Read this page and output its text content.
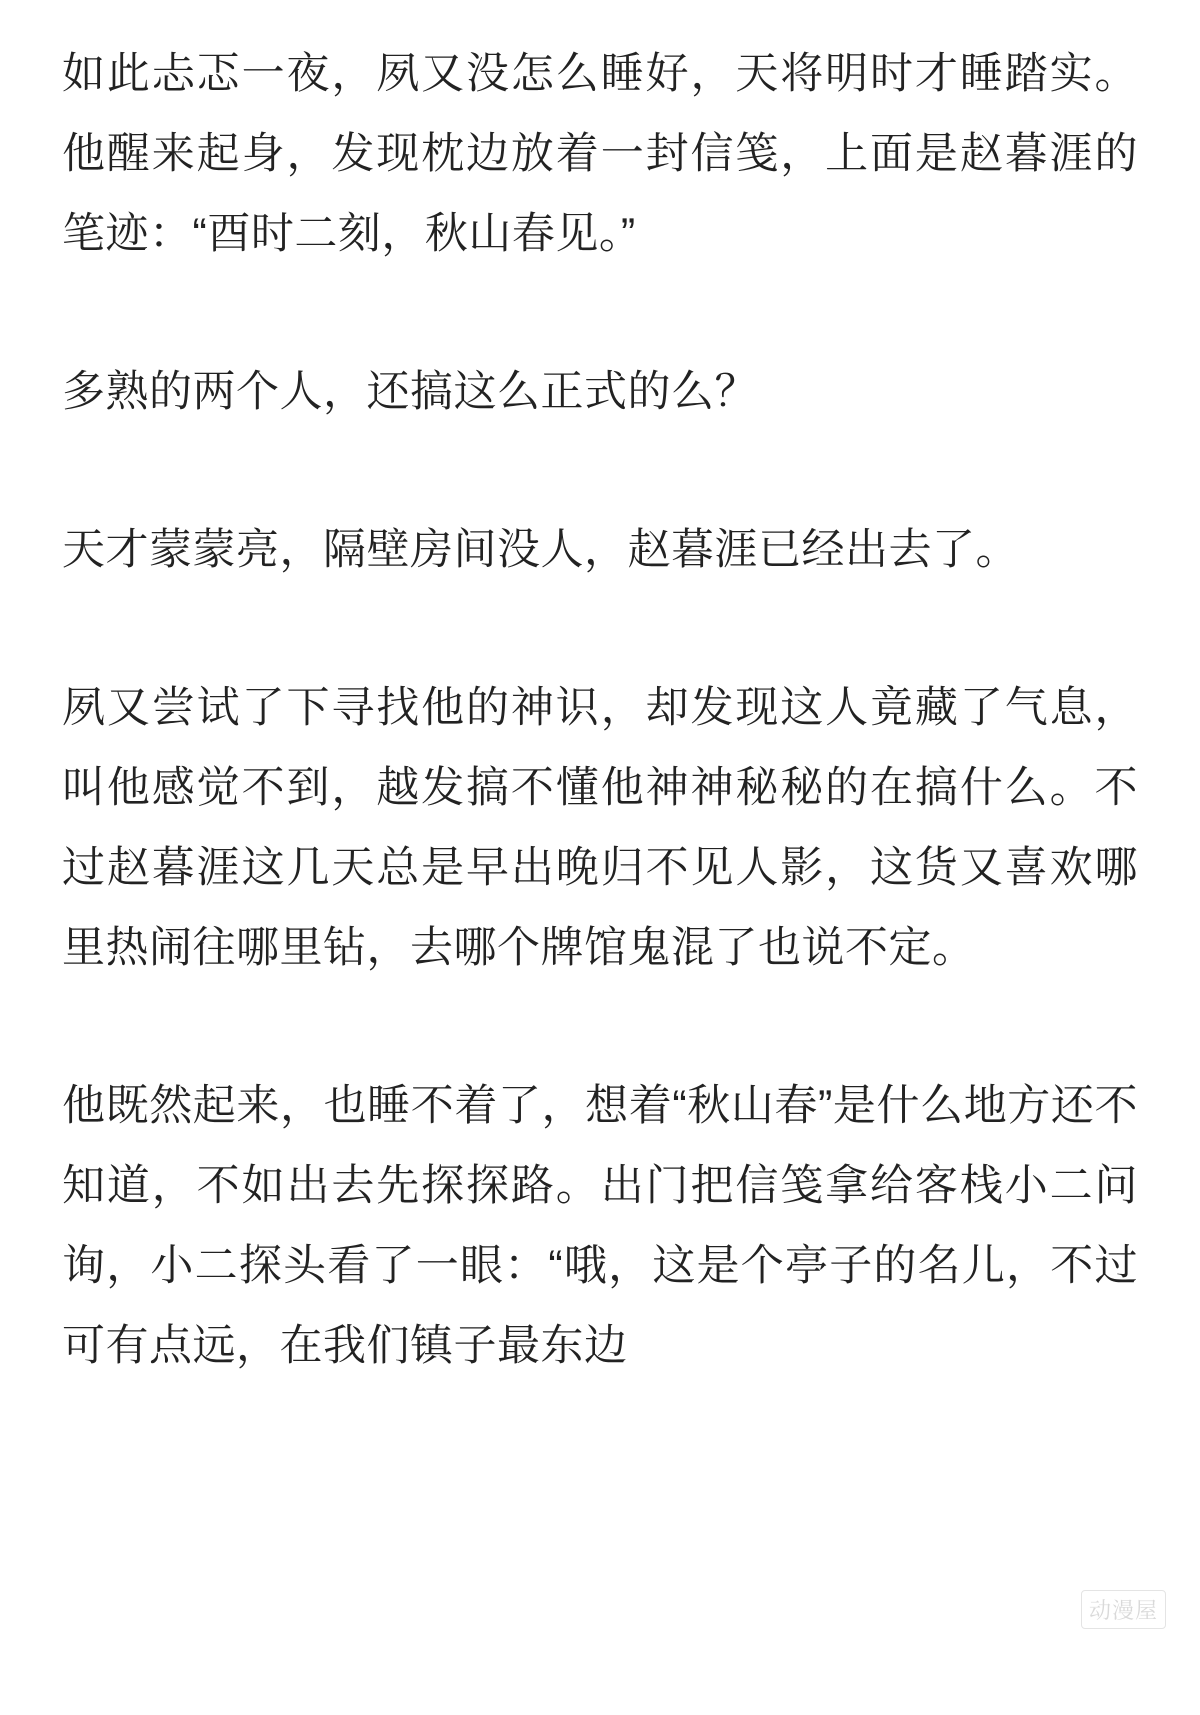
如此忐忑一夜，夙又没怎么睡好，天将明时才睡踏实。他醒来起身，发现枕边放着一封信笺，上面是赵暮涯的笔迹：“酉时二刻，秋山春见。”

多熟的两个人，还搞这么正式的么？

天才蒙蒙亮，隔壁房间没人，赵暮涯已经出去了。

夙又尝试了下寻找他的神识，却发现这人竟藏了气息，叫他感觉不到，越发搞不懂他神神秘秘的在搞什么。不过赵暮涯这几天总是早出晚归不见人影，这货又喜欢哪里热闹往哪里钻，去哪个牌馆鬼混了也说不定。

他既然起来，也睡不着了，想着“秋山春”是什么地方还不知道，不如出去先探探路。出门把信笺拿给客栈小二问询，小二探头看了一眼：“哦，这是个亭子的名儿，不过可有点远，在我们镇子最东边

动漫屋
